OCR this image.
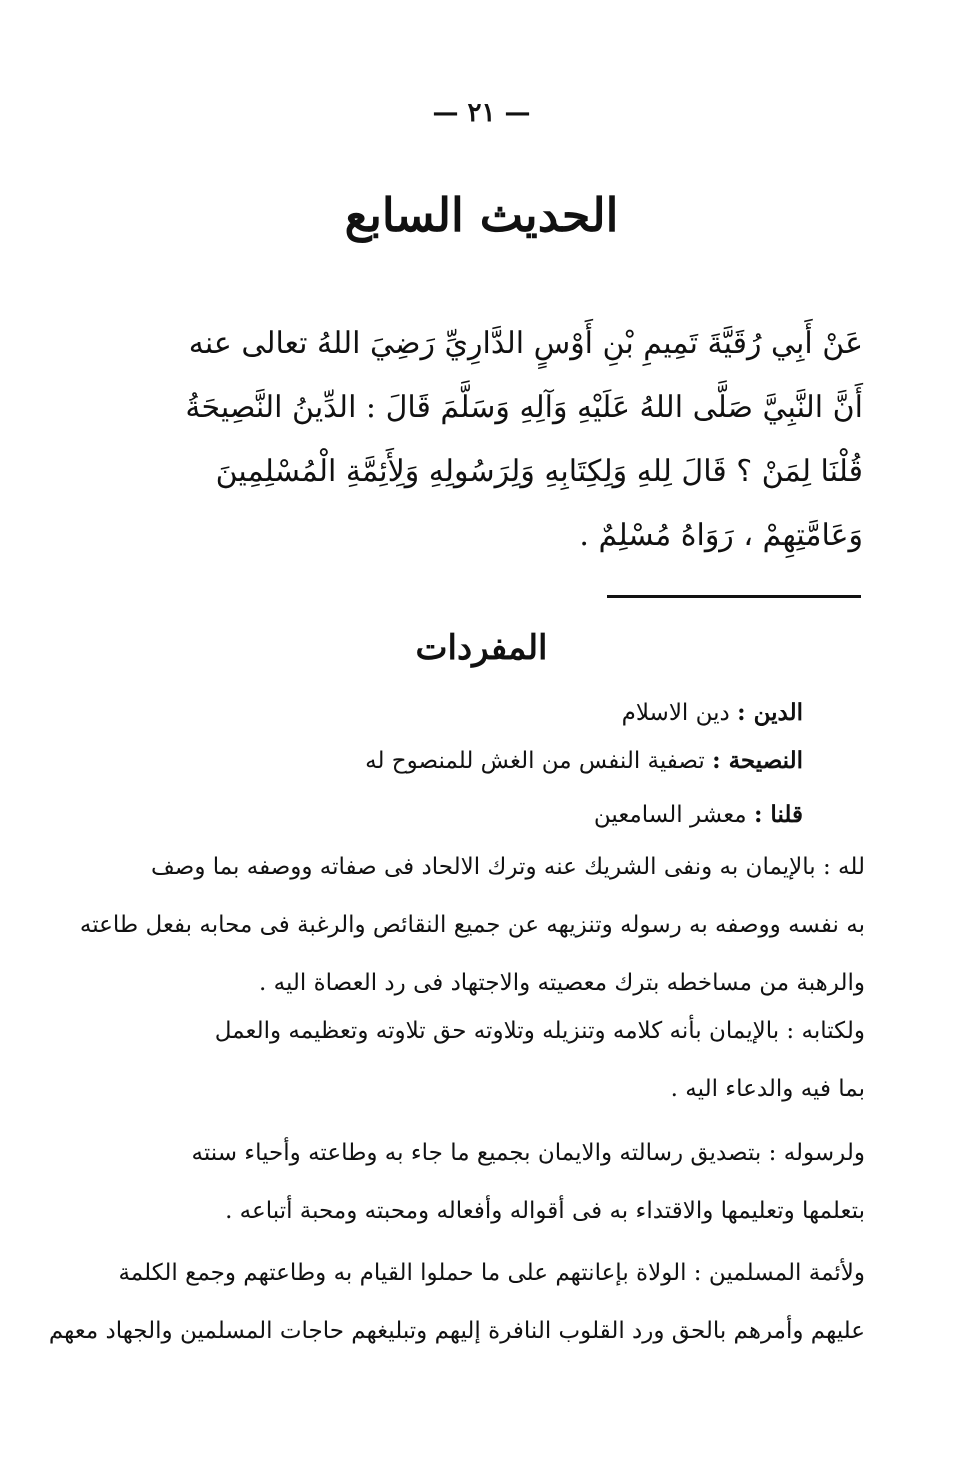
— ٢١ —
الحديث السابع

عَنْ أَبِي رُقَيَّةَ تَمِيمِ بْنِ أَوْسٍ الدَّارِيِّ رَضِيَ اللهُ تعالى عنه
أَنَّ النَّبِيَّ صَلَّى اللهُ عَلَيْهِ وَآلِهِ وَسَلَّمَ قَالَ : الدِّينُ النَّصِيحَةُ
قُلْنَا لِمَنْ ؟ قَالَ لِلهِ وَلِكِتَابِهِ وَلِرَسُولِهِ وَلِأَئِمَّةِ الْمُسْلِمِينَ
وَعَامَّتِهِمْ ، رَوَاهُ مُسْلِمٌ .

المفردات

الدين : دين الاسلام

النصيحة : تصفية النفس من الغش للمنصوح له

قلنا : معشر السامعين

لله : بالإيمان به ونفى الشريك عنه وترك الالحاد فى صفاته ووصفه بما وصف
به نفسه ووصفه به رسوله وتنزيهه عن جميع النقائص والرغبة فى محابه بفعل طاعته
والرهبة من مساخطه بترك معصيته والاجتهاد فى رد العصاة اليه .

ولكتابه : بالإيمان بأنه كلامه وتنزيله وتلاوته حق تلاوته وتعظيمه والعمل
بما فيه والدعاء اليه .

ولرسوله : بتصديق رسالته والايمان بجميع ما جاء به وطاعته وأحياء سنته
بتعلمها وتعليمها والاقتداء به فى أقواله وأفعاله ومحبته ومحبة أتباعه .

ولأئمة المسلمين : الولاة بإعانتهم على ما حملوا القيام به وطاعتهم وجمع الكلمة
عليهم وأمرهم بالحق ورد القلوب النافرة إليهم وتبليغهم حاجات المسلمين والجهاد معهم
